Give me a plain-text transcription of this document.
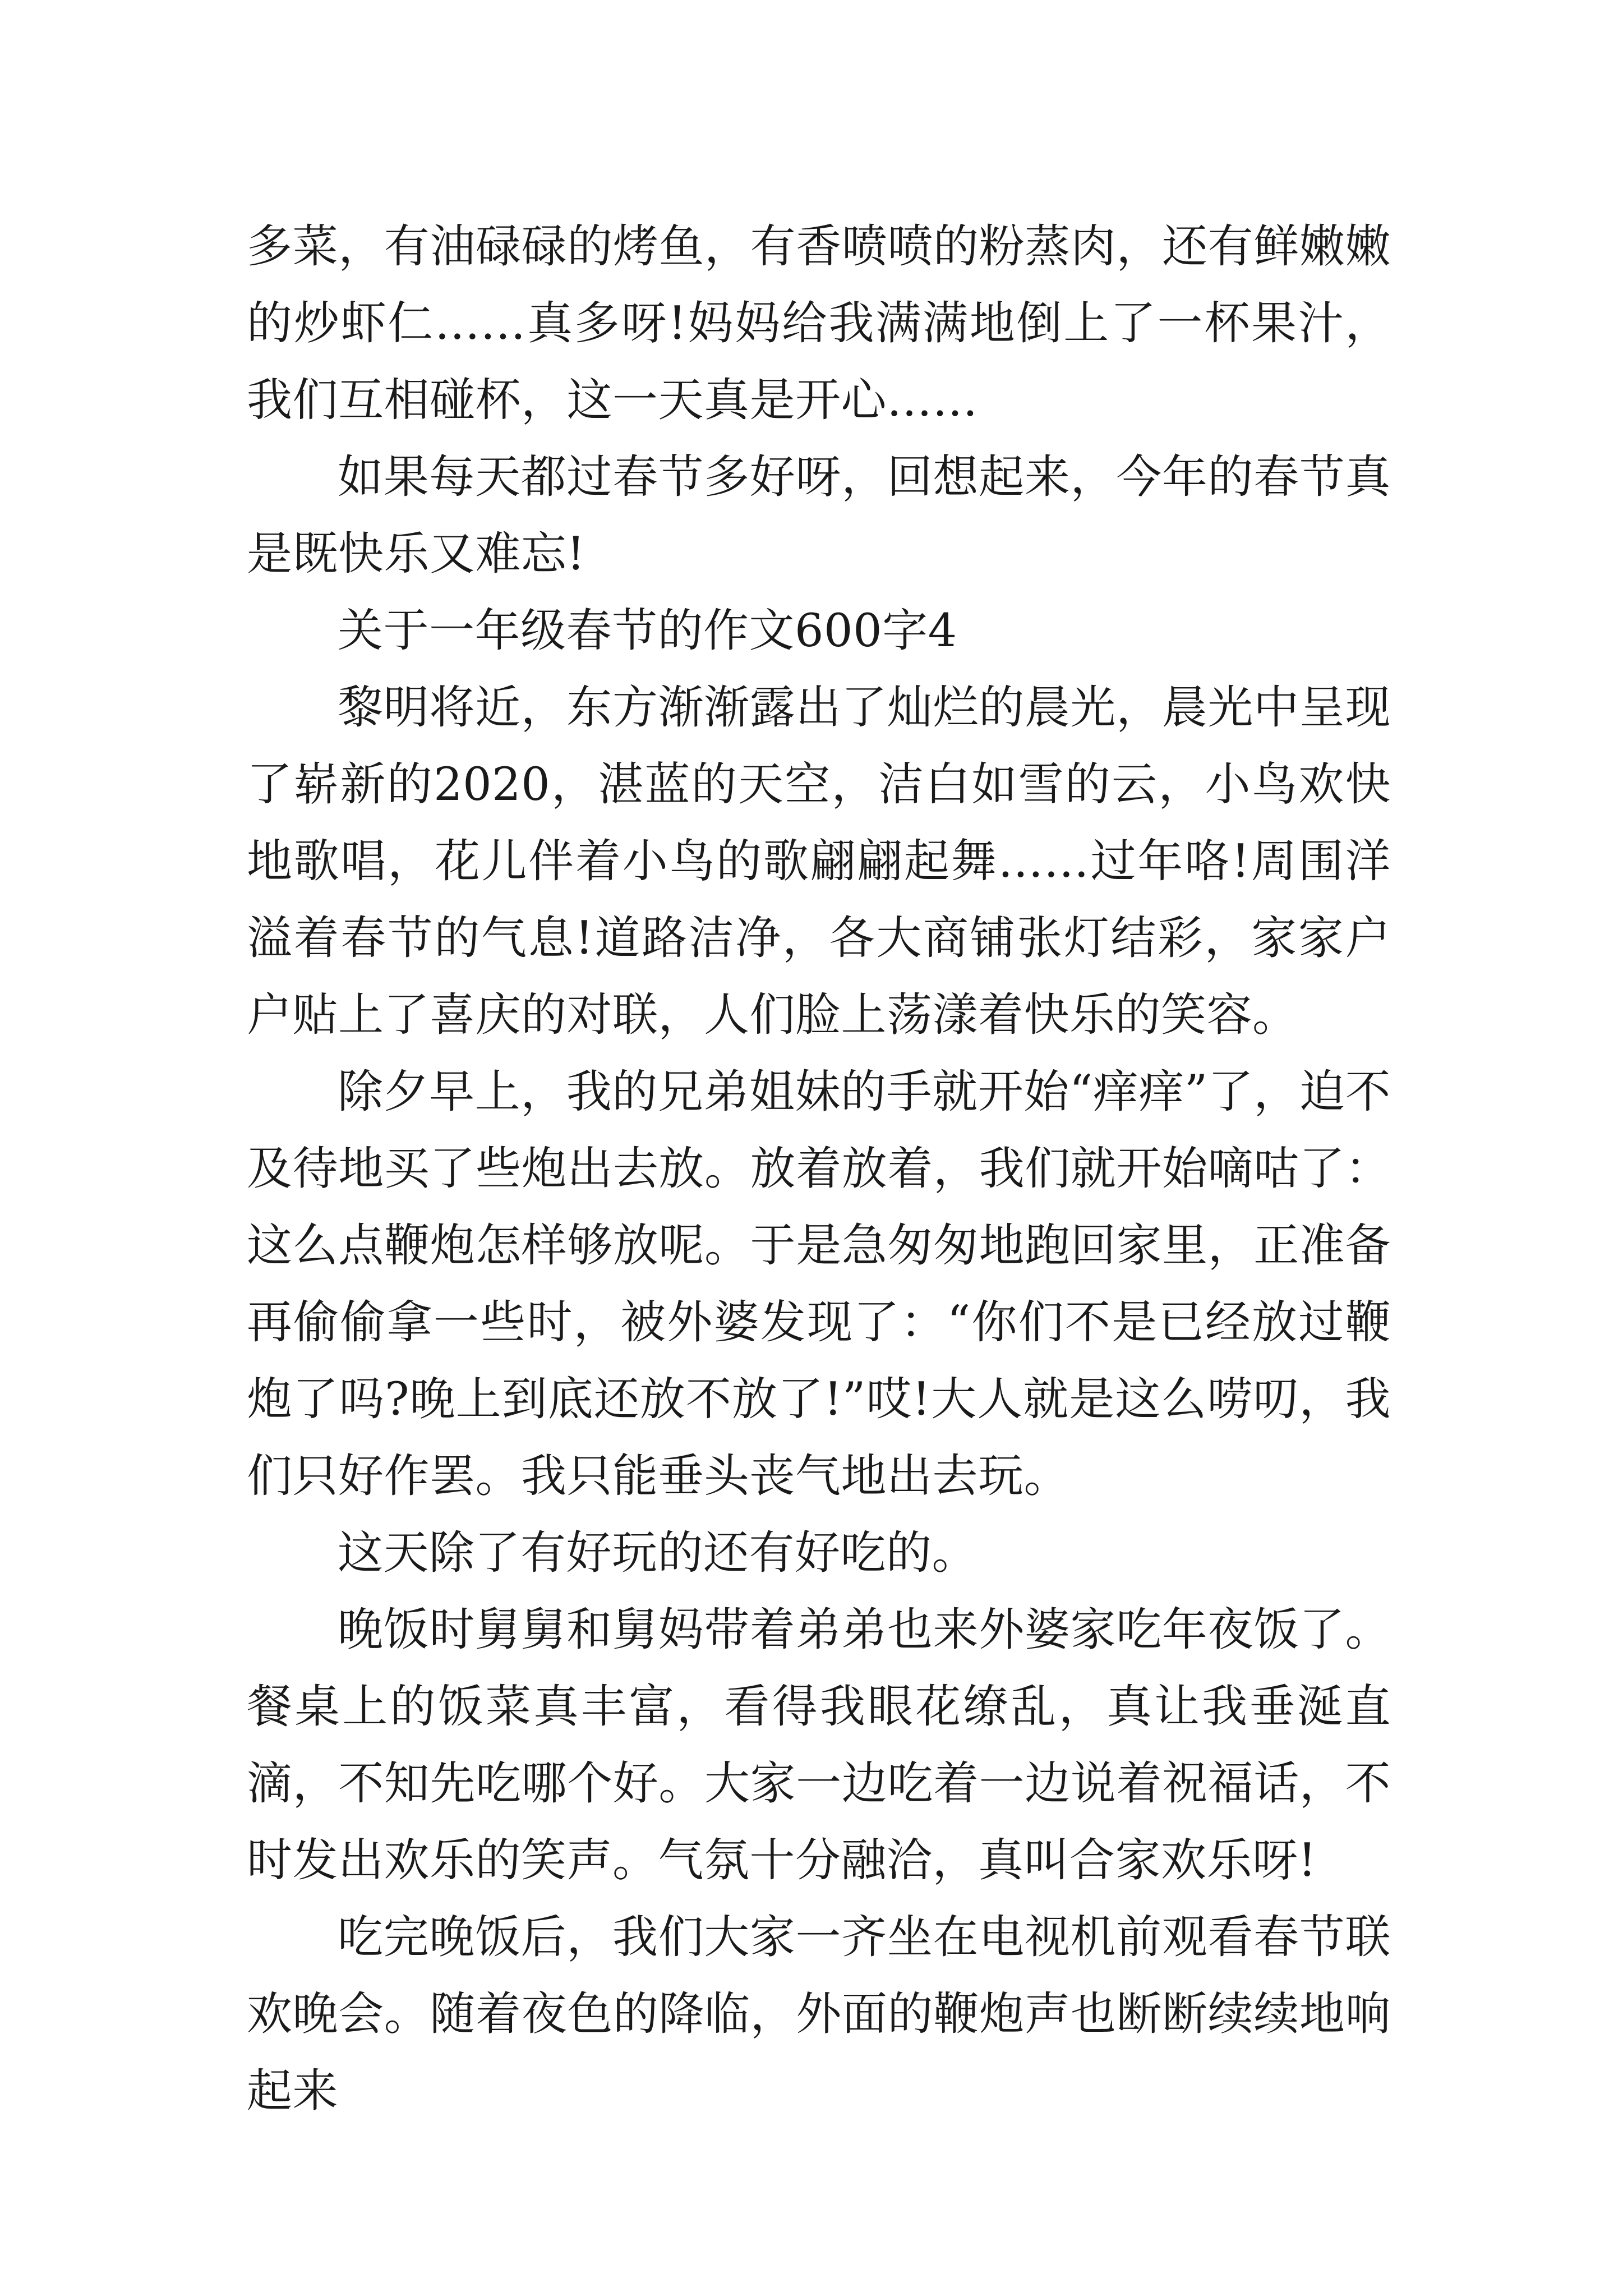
多菜，有油碌碌的烤鱼，有香喷喷的粉蒸肉，还有鲜嫩嫩的炒虾仁……真多呀!妈妈给我满满地倒上了一杯果汁，我们互相碰杯，这一天真是开心……

如果每天都过春节多好呀，回想起来，今年的春节真是既快乐又难忘!

关于一年级春节的作文600字4

黎明将近，东方渐渐露出了灿烂的晨光，晨光中呈现了崭新的2020，湛蓝的天空，洁白如雪的云，小鸟欢快地歌唱，花儿伴着小鸟的歌翩翩起舞……过年咯!周围洋溢着春节的气息!道路洁净，各大商铺张灯结彩，家家户户贴上了喜庆的对联，人们脸上荡漾着快乐的笑容。

除夕早上，我的兄弟姐妹的手就开始“痒痒”了，迫不及待地买了些炮出去放。放着放着，我们就开始嘀咕了：这么点鞭炮怎样够放呢。于是急匆匆地跑回家里，正准备再偷偷拿一些时，被外婆发现了：“你们不是已经放过鞭炮了吗?晚上到底还放不放了!”哎!大人就是这么唠叨，我们只好作罢。我只能垂头丧气地出去玩。

这天除了有好玩的还有好吃的。

晚饭时舅舅和舅妈带着弟弟也来外婆家吃年夜饭了。餐桌上的饭菜真丰富，看得我眼花缭乱，真让我垂涎直滴，不知先吃哪个好。大家一边吃着一边说着祝福话，不时发出欢乐的笑声。气氛十分融洽，真叫合家欢乐呀!

吃完晚饭后，我们大家一齐坐在电视机前观看春节联欢晚会。随着夜色的降临，外面的鞭炮声也断断续续地响起来
